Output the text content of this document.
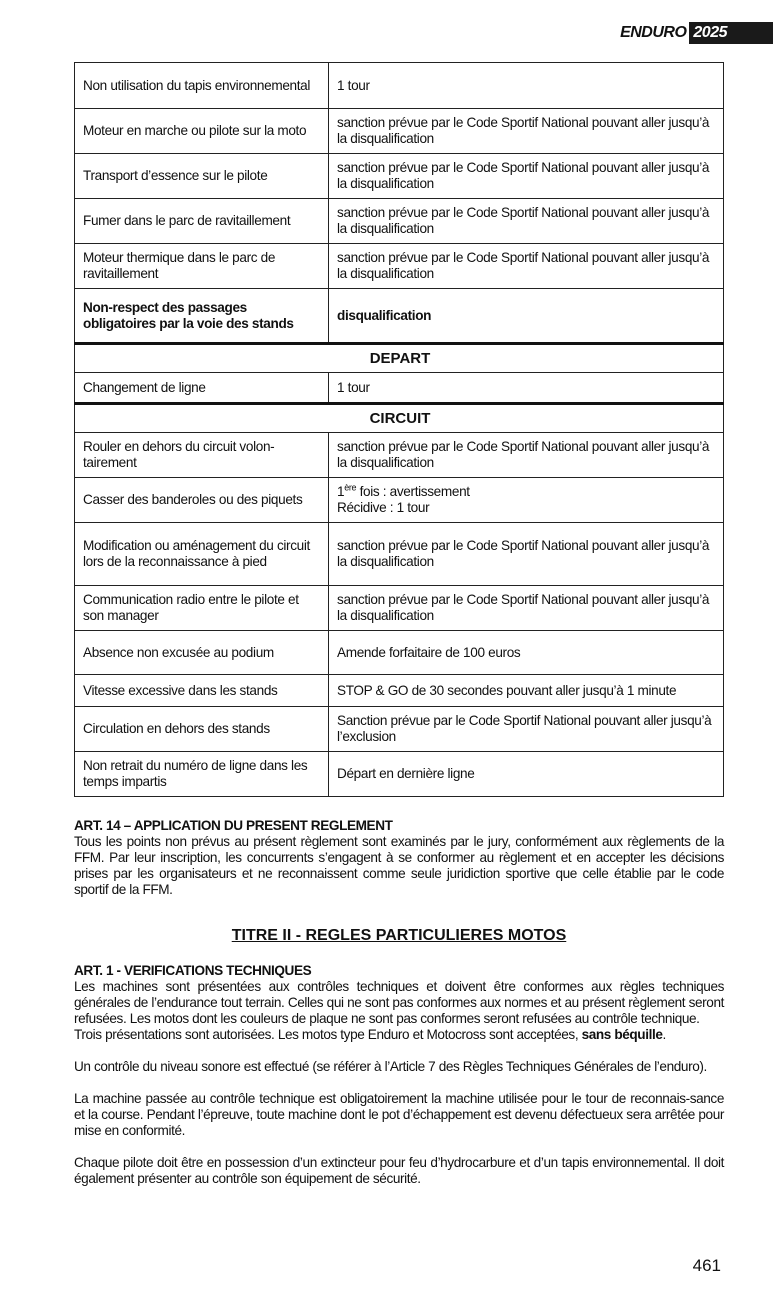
ENDURO 2025
Non utilisation du tapis environnemental	1 tour
Moteur en marche ou pilote sur la moto	sanction prévue par le Code Sportif National pouvant aller jusqu’à la disqualification
Transport d’essence sur le pilote	sanction prévue par le Code Sportif National pouvant aller jusqu’à la disqualification
Fumer dans le parc de ravitaillement	sanction prévue par le Code Sportif National pouvant aller jusqu’à la disqualification
Moteur thermique dans le parc de ravitaillement	sanction prévue par le Code Sportif National pouvant aller jusqu’à la disqualification
Non-respect des passages obligatoires par la voie des stands	disqualification
DEPART	
Changement de ligne	1 tour
CIRCUIT	
Rouler en dehors du circuit volon-tairement	sanction prévue par le Code Sportif National pouvant aller jusqu’à la disqualification
Casser des banderoles ou des piquets	1ère fois : avertissement
Récidive : 1 tour
Modification ou aménagement du circuit lors de la reconnaissance à pied	sanction prévue par le Code Sportif National pouvant aller jusqu’à la disqualification
Communication radio entre le pilote et son manager	sanction prévue par le Code Sportif National pouvant aller jusqu’à la disqualification
Absence non excusée au podium	Amende forfaitaire de 100 euros
Vitesse excessive dans les stands	STOP & GO de 30 secondes pouvant aller jusqu’à 1 minute
Circulation en dehors des stands	Sanction prévue par le Code Sportif National pouvant aller jusqu’à l’exclusion
Non retrait du numéro de ligne dans les temps impartis	Départ en dernière ligne

ART. 14 – APPLICATION DU PRESENT REGLEMENT

Tous les points non prévus au présent règlement sont examinés par le jury, conformément aux règlements de la FFM. Par leur inscription, les concurrents s’engagent à se conformer au règlement et en accepter les décisions prises par les organisateurs et ne reconnaissent comme seule juridiction sportive que celle établie par le code sportif de la FFM.

TITRE II - REGLES PARTICULIERES MOTOS

ART. 1 - VERIFICATIONS TECHNIQUES

Les machines sont présentées aux contrôles techniques et doivent être conformes aux règles techniques générales de l’endurance tout terrain. Celles qui ne sont pas conformes aux normes et au présent règlement seront refusées. Les motos dont les couleurs de plaque ne sont pas conformes seront refusées au contrôle technique.

Trois présentations sont autorisées. Les motos type Enduro et Motocross sont acceptées, sans béquille.

Un contrôle du niveau sonore est effectué (se référer à l’Article 7 des Règles Techniques Générales de l’enduro).

La machine passée au contrôle technique est obligatoirement la machine utilisée pour le tour de reconnais-sance et la course. Pendant l’épreuve, toute machine dont le pot d’échappement est devenu défectueux sera arrêtée pour mise en conformité.

Chaque pilote doit être en possession d’un extincteur pour feu d’hydrocarbure et d’un tapis environnemental. Il doit également présenter au contrôle son équipement de sécurité.

461
